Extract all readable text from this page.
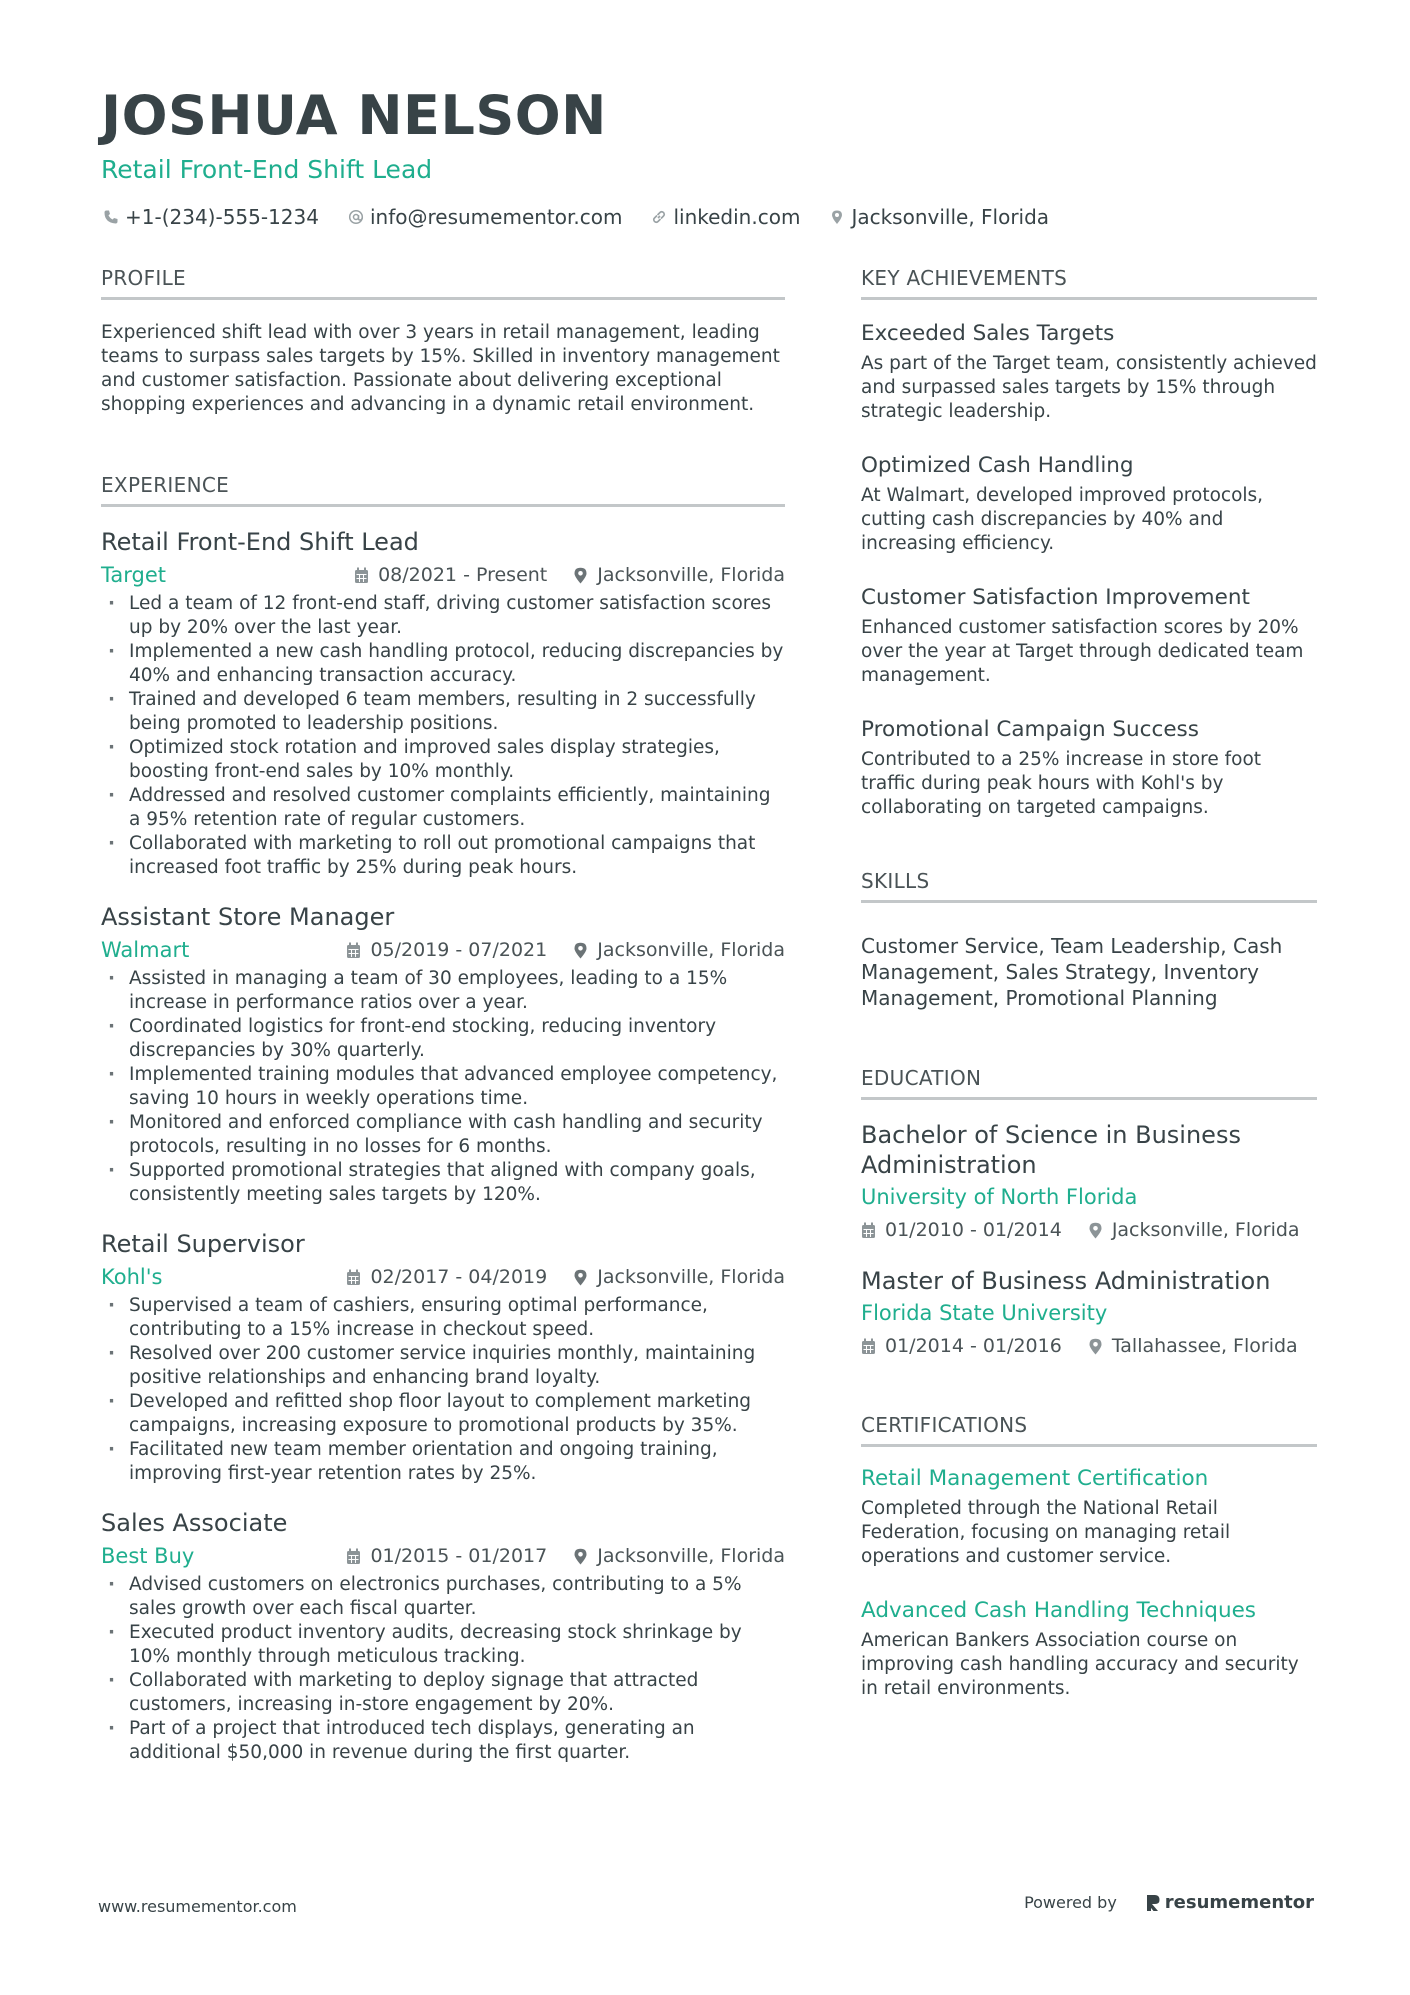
JOSHUA NELSON
Retail Front-End Shift Lead
+1-(234)-555-1234	info@resumementor.com	linkedin.com	Jacksonville, Florida
PROFILE
Experienced shift lead with over 3 years in retail management, leading teams to surpass sales targets by 15%. Skilled in inventory management and customer satisfaction. Passionate about delivering exceptional shopping experiences and advancing in a dynamic retail environment.
EXPERIENCE
Retail Front-End Shift Lead
Target	08/2021 - Present	Jacksonville, Florida
· Led a team of 12 front-end staff, driving customer satisfaction scores up by 20% over the last year.
· Implemented a new cash handling protocol, reducing discrepancies by 40% and enhancing transaction accuracy.
· Trained and developed 6 team members, resulting in 2 successfully being promoted to leadership positions.
· Optimized stock rotation and improved sales display strategies, boosting front-end sales by 10% monthly.
· Addressed and resolved customer complaints efficiently, maintaining a 95% retention rate of regular customers.
· Collaborated with marketing to roll out promotional campaigns that increased foot traffic by 25% during peak hours.
Assistant Store Manager
Walmart	05/2019 - 07/2021	Jacksonville, Florida
· Assisted in managing a team of 30 employees, leading to a 15% increase in performance ratios over a year.
· Coordinated logistics for front-end stocking, reducing inventory discrepancies by 30% quarterly.
· Implemented training modules that advanced employee competency, saving 10 hours in weekly operations time.
· Monitored and enforced compliance with cash handling and security protocols, resulting in no losses for 6 months.
· Supported promotional strategies that aligned with company goals, consistently meeting sales targets by 120%.
Retail Supervisor
Kohl's	02/2017 - 04/2019	Jacksonville, Florida
· Supervised a team of cashiers, ensuring optimal performance, contributing to a 15% increase in checkout speed.
· Resolved over 200 customer service inquiries monthly, maintaining positive relationships and enhancing brand loyalty.
· Developed and refitted shop floor layout to complement marketing campaigns, increasing exposure to promotional products by 35%.
· Facilitated new team member orientation and ongoing training, improving first-year retention rates by 25%.
Sales Associate
Best Buy	01/2015 - 01/2017	Jacksonville, Florida
· Advised customers on electronics purchases, contributing to a 5% sales growth over each fiscal quarter.
· Executed product inventory audits, decreasing stock shrinkage by 10% monthly through meticulous tracking.
· Collaborated with marketing to deploy signage that attracted customers, increasing in-store engagement by 20%.
· Part of a project that introduced tech displays, generating an additional $50,000 in revenue during the first quarter.
KEY ACHIEVEMENTS
Exceeded Sales Targets
As part of the Target team, consistently achieved and surpassed sales targets by 15% through strategic leadership.
Optimized Cash Handling
At Walmart, developed improved protocols, cutting cash discrepancies by 40% and increasing efficiency.
Customer Satisfaction Improvement
Enhanced customer satisfaction scores by 20% over the year at Target through dedicated team management.
Promotional Campaign Success
Contributed to a 25% increase in store foot traffic during peak hours with Kohl's by collaborating on targeted campaigns.
SKILLS
Customer Service, Team Leadership, Cash Management, Sales Strategy, Inventory Management, Promotional Planning
EDUCATION
Bachelor of Science in Business Administration
University of North Florida
01/2010 - 01/2014	Jacksonville, Florida
Master of Business Administration
Florida State University
01/2014 - 01/2016	Tallahassee, Florida
CERTIFICATIONS
Retail Management Certification
Completed through the National Retail Federation, focusing on managing retail operations and customer service.
Advanced Cash Handling Techniques
American Bankers Association course on improving cash handling accuracy and security in retail environments.
www.resumementor.com	Powered by	resumementor
